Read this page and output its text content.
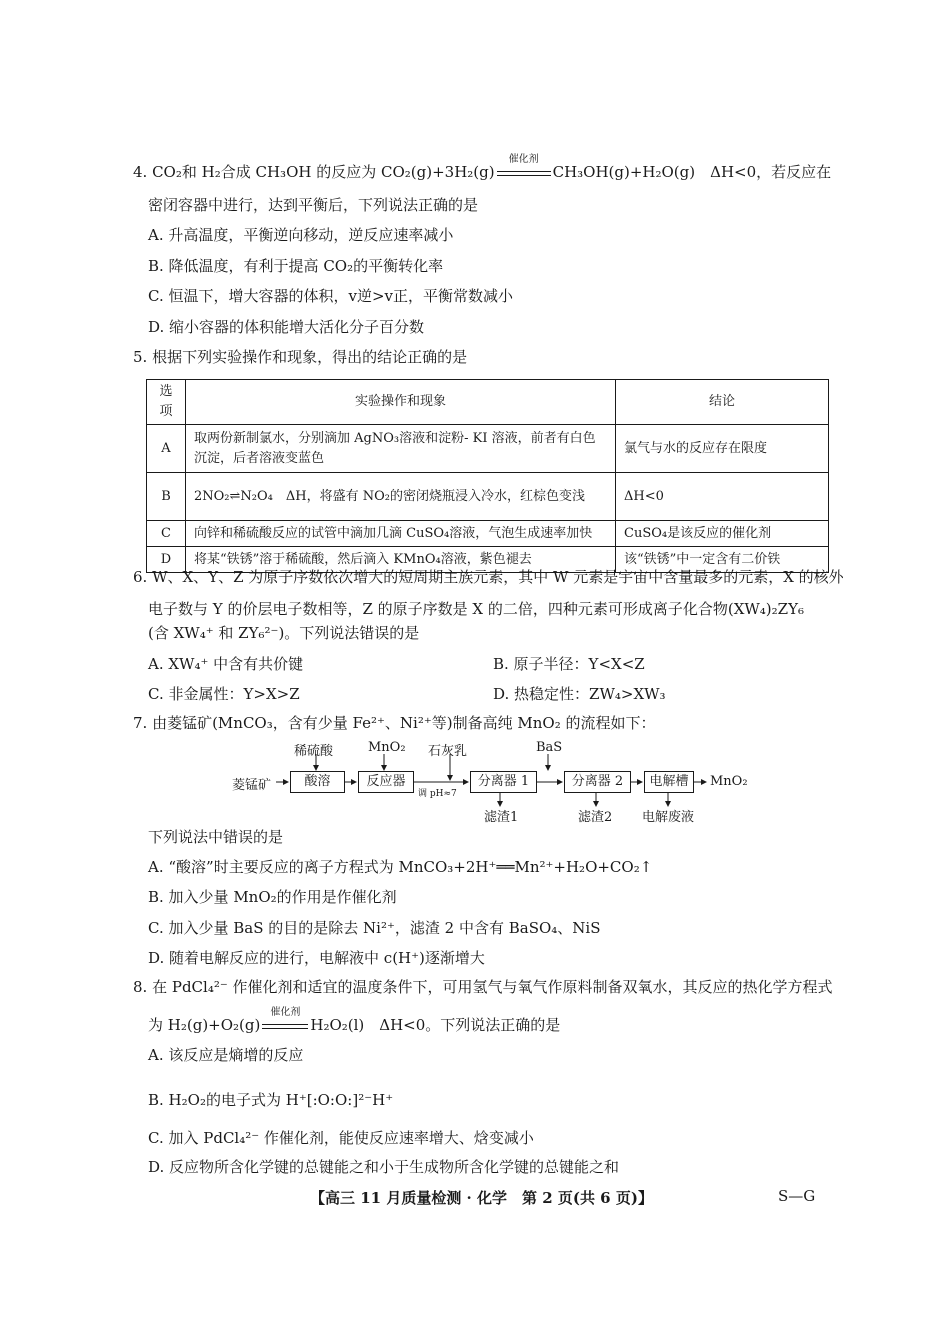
4. CO₂和 H₂合成 CH₃OH 的反应为 CO₂(g)+3H₂(g)
催化剂
CH₃OH(g)+H₂O(g)　ΔH<0，若反应在
密闭容器中进行，达到平衡后，下列说法正确的是
A. 升高温度，平衡逆向移动，逆反应速率减小
B. 降低温度，有利于提高 CO₂的平衡转化率
C. 恒温下，增大容器的体积，v逆>v正，平衡常数减小
D. 缩小容器的体积能增大活化分子百分数
5. 根据下列实验操作和现象，得出的结论正确的是
选项	实验操作和现象	结论
A	取两份新制氯水，分别滴加 AgNO₃溶液和淀粉- KI 溶液，前者有白色沉淀，后者溶液变蓝色	氯气与水的反应存在限度
B	2NO₂⇌N₂O₄　ΔH，将盛有 NO₂的密闭烧瓶浸入冷水，红棕色变浅	ΔH<0
C	向锌和稀硫酸反应的试管中滴加几滴 CuSO₄溶液，气泡生成速率加快	CuSO₄是该反应的催化剂
D	将某“铁锈”溶于稀硫酸，然后滴入 KMnO₄溶液，紫色褪去	该“铁锈”中一定含有二价铁
6. W、X、Y、Z 为原子序数依次增大的短周期主族元素，其中 W 元素是宇宙中含量最多的元素，X 的核外
电子数与 Y 的价层电子数相等，Z 的原子序数是 X 的二倍，四种元素可形成离子化合物(XW₄)₂ZY₆
(含 XW₄⁺ 和 ZY₆²⁻)。下列说法错误的是
A. XW₄⁺ 中含有共价键	B. 原子半径：Y<X<Z
C. 非金属性：Y>X>Z	D. 热稳定性：ZW₄>XW₃
7. 由菱锰矿(MnCO₃，含有少量 Fe²⁺、Ni²⁺等)制备高纯 MnO₂ 的流程如下：
菱锰矿
稀硫酸
酸溶
MnO₂
反应器
石灰乳
调 pH≈7
分离器 1
滤渣1
BaS
分离器 2
滤渣2
电解槽
电解废液
MnO₂
下列说法中错误的是
A. “酸溶”时主要反应的离子方程式为 MnCO₃+2H⁺══Mn²⁺+H₂O+CO₂↑
B. 加入少量 MnO₂的作用是作催化剂
C. 加入少量 BaS 的目的是除去 Ni²⁺，滤渣 2 中含有 BaSO₄、NiS
D. 随着电解反应的进行，电解液中 c(H⁺)逐渐增大
8. 在 PdCl₄²⁻ 作催化剂和适宜的温度条件下，可用氢气与氧气作原料制备双氧水，其反应的热化学方程式
为 H₂(g)+O₂(g)
催化剂
H₂O₂(l)　ΔH<0。下列说法正确的是
A. 该反应是熵增的反应
B. H₂O₂的电子式为 H⁺[:O:O:]²⁻H⁺
C. 加入 PdCl₄²⁻ 作催化剂，能使反应速率增大、焓变减小
D. 反应物所含化学键的总键能之和小于生成物所含化学键的总键能之和
【高三 11 月质量检测 · 化学　第 2 页(共 6 页)】	S—G
